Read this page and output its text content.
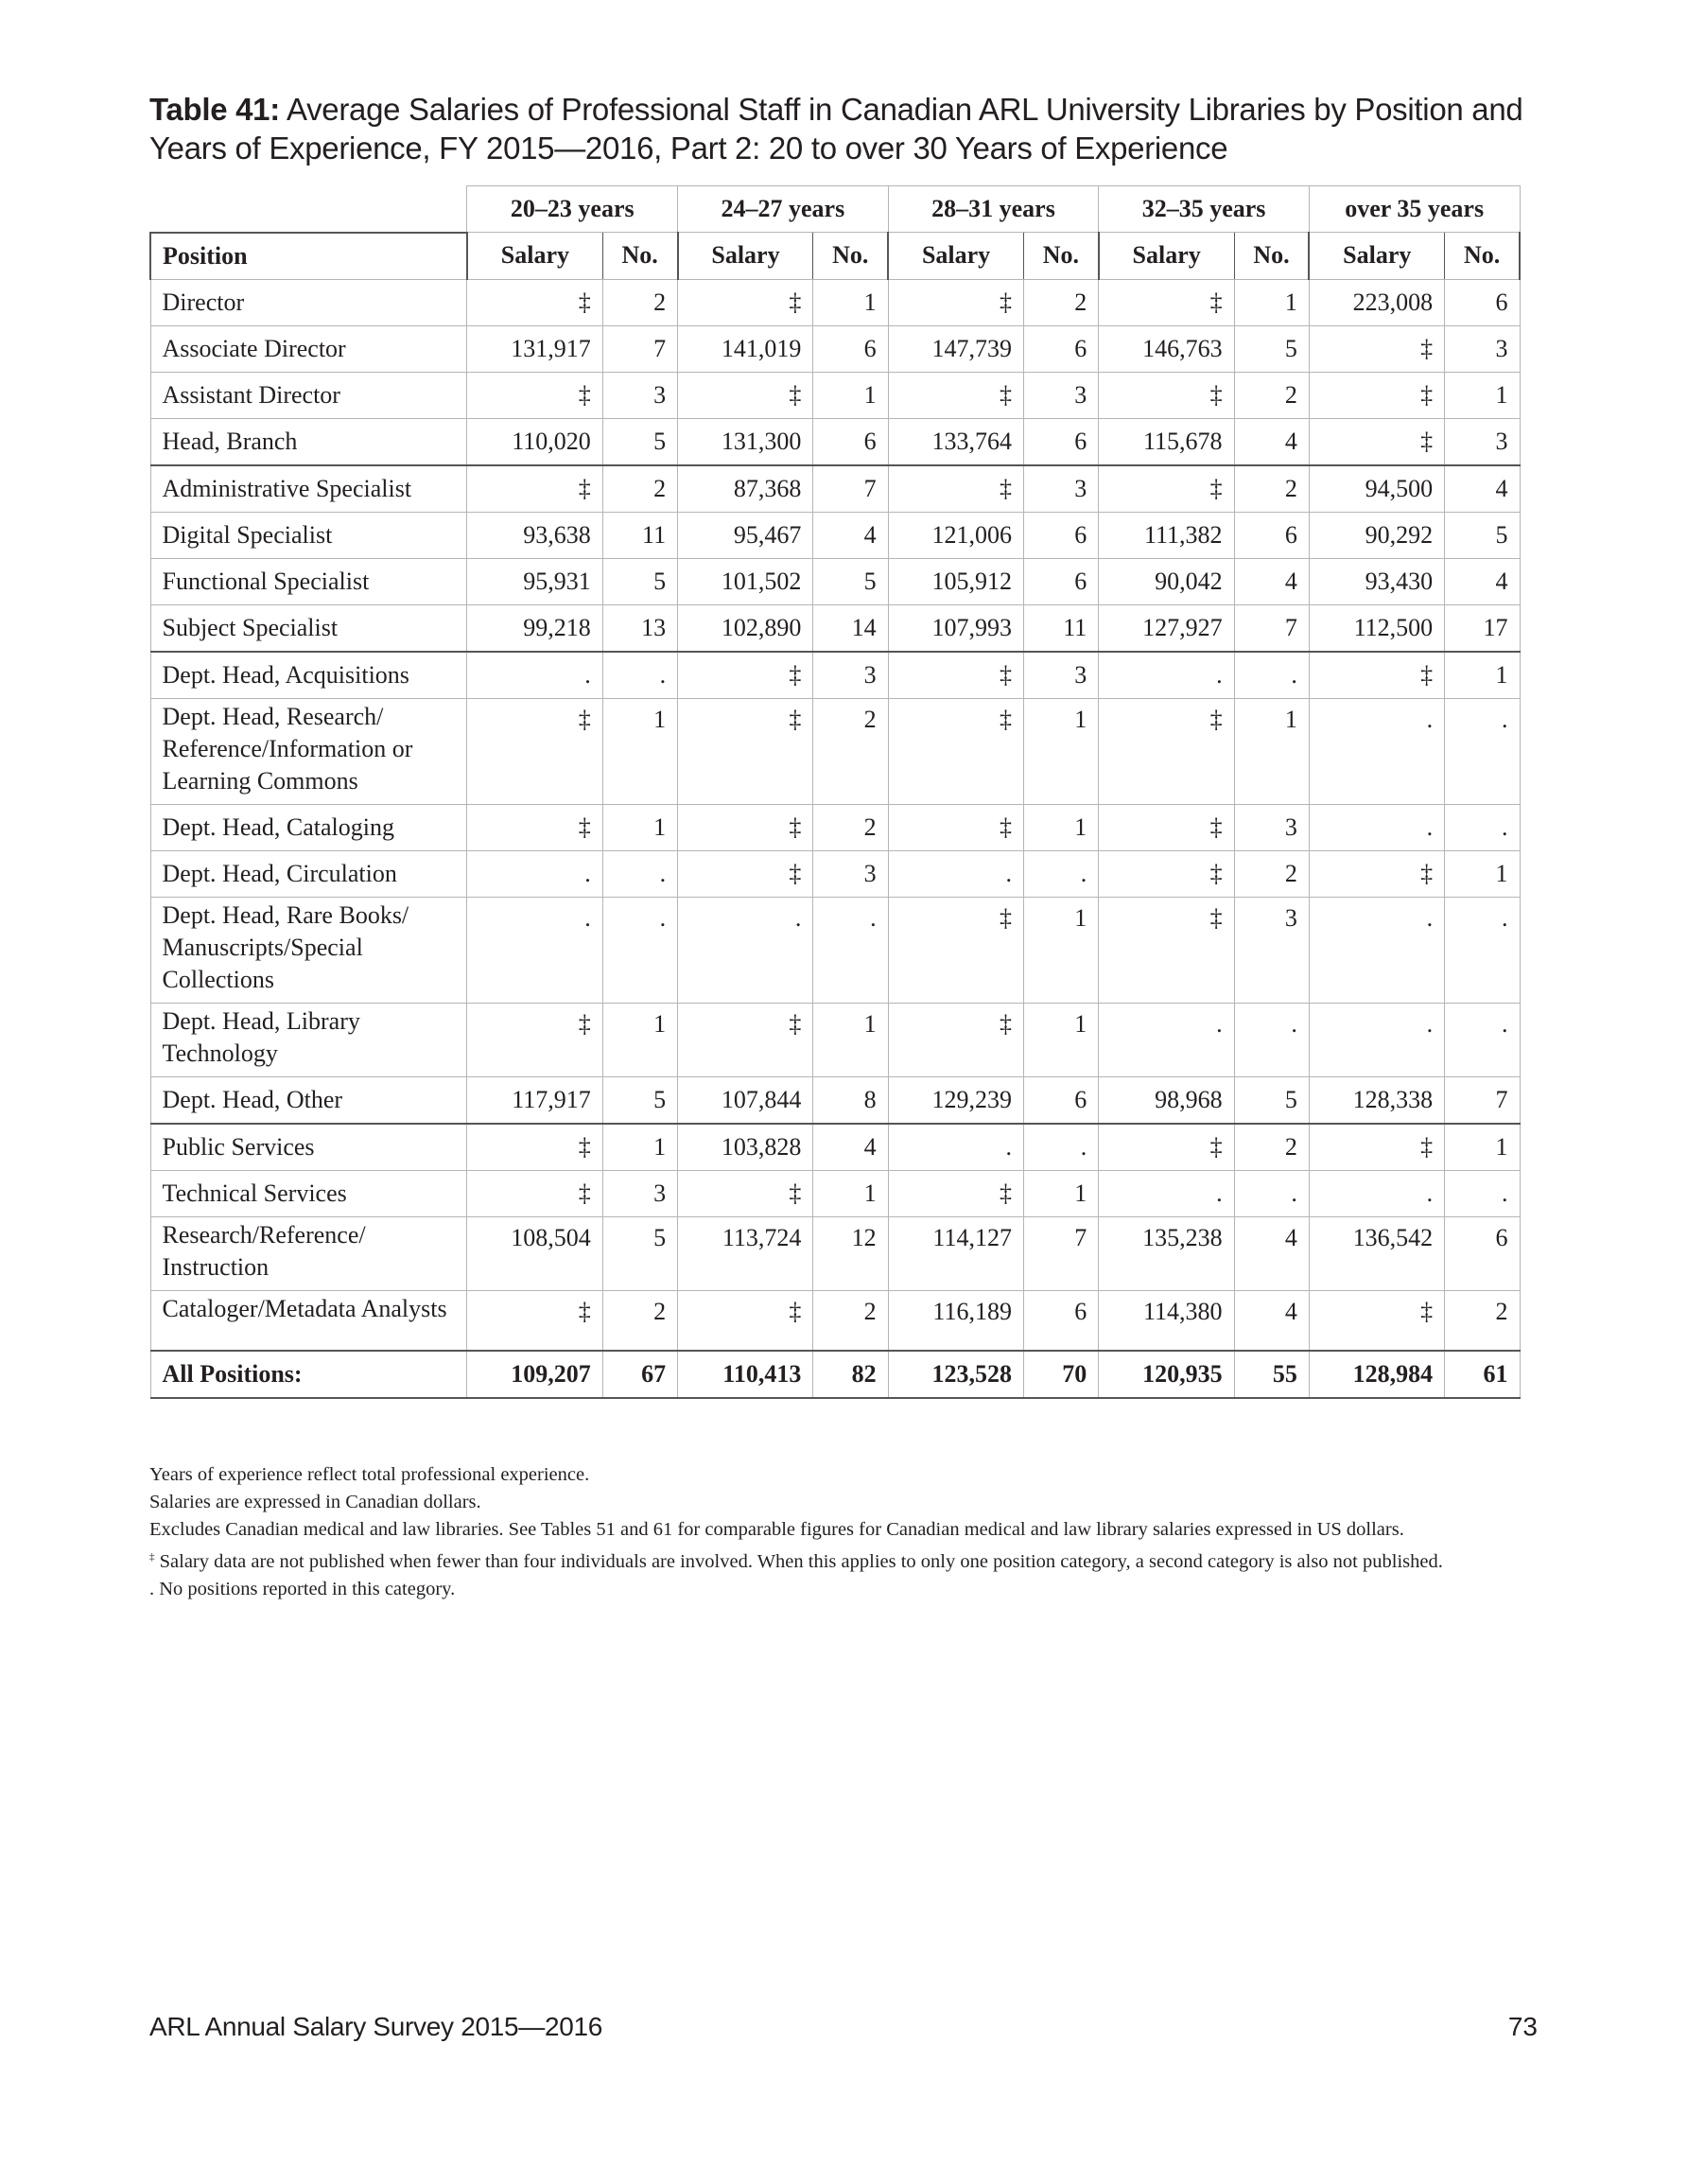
Table 41: Average Salaries of Professional Staff in Canadian ARL University Libraries by Position and Years of Experience, FY 2015—2016, Part 2: 20 to over 30 Years of Experience
	20–23 years		24–27 years		28–31 years		32–35 years		over 35 years	
Position	Salary	No.	Salary	No.	Salary	No.	Salary	No.	Salary	No.
Director	‡	2	‡	1	‡	2	‡	1	223,008	6
Associate Director	131,917	7	141,019	6	147,739	6	146,763	5	‡	3
Assistant Director	‡	3	‡	1	‡	3	‡	2	‡	1
Head, Branch	110,020	5	131,300	6	133,764	6	115,678	4	‡	3
Administrative Specialist	‡	2	87,368	7	‡	3	‡	2	94,500	4
Digital Specialist	93,638	11	95,467	4	121,006	6	111,382	6	90,292	5
Functional Specialist	95,931	5	101,502	5	105,912	6	90,042	4	93,430	4
Subject Specialist	99,218	13	102,890	14	107,993	11	127,927	7	112,500	17
Dept. Head, Acquisitions	.	.	‡	3	‡	3	.	.	‡	1
Dept. Head, Research/ Reference/Information or Learning Commons	‡	1	‡	2	‡	1	‡	1	.	.
Dept. Head, Cataloging	‡	1	‡	2	‡	1	‡	3	.	.
Dept. Head, Circulation	.	.	‡	3	.	.	‡	2	‡	1
Dept. Head, Rare Books/ Manuscripts/Special Collections	.	.	.	.	‡	1	‡	3	.	.
Dept. Head, Library Technology	‡	1	‡	1	‡	1	.	.	.	.
Dept. Head, Other	117,917	5	107,844	8	129,239	6	98,968	5	128,338	7
Public Services	‡	1	103,828	4	.	.	‡	2	‡	1
Technical Services	‡	3	‡	1	‡	1	.	.	.	.
Research/Reference/ Instruction	108,504	5	113,724	12	114,127	7	135,238	4	136,542	6
Cataloger/Metadata Analysts	‡	2	‡	2	116,189	6	114,380	4	‡	2
All Positions:	109,207	67	110,413	82	123,528	70	120,935	55	128,984	61

Years of experience reflect total professional experience.

Salaries are expressed in Canadian dollars.

Excludes Canadian medical and law libraries. See Tables 51 and 61 for comparable figures for Canadian medical and law library salaries expressed in US dollars.

‡ Salary data are not published when fewer than four individuals are involved. When this applies to only one position category, a second category is also not published.

. No positions reported in this category.

ARL Annual Salary Survey 2015—2016	73
